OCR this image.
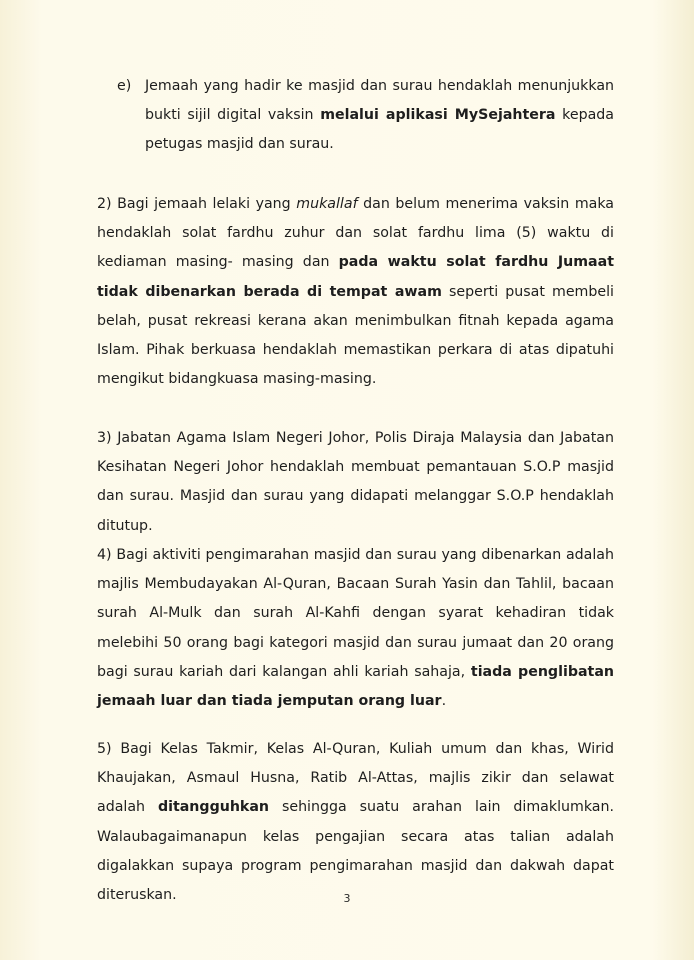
e) Jemaah yang hadir ke masjid dan surau hendaklah menunjukkan bukti sijil digital vaksin melalui aplikasi MySejahtera kepada petugas masjid dan surau.
2) Bagi jemaah lelaki yang mukallaf dan belum menerima vaksin maka hendaklah solat fardhu zuhur dan solat fardhu lima (5) waktu di kediaman masing- masing dan pada waktu solat fardhu Jumaat tidak dibenarkan berada di tempat awam seperti pusat membeli belah, pusat rekreasi kerana akan menimbulkan fitnah kepada agama Islam. Pihak berkuasa hendaklah memastikan perkara di atas dipatuhi mengikut bidangkuasa masing-masing.
3) Jabatan Agama Islam Negeri Johor, Polis Diraja Malaysia dan Jabatan Kesihatan Negeri Johor hendaklah membuat pemantauan S.O.P masjid dan surau. Masjid dan surau yang didapati melanggar S.O.P hendaklah ditutup.
4) Bagi aktiviti pengimarahan masjid dan surau yang dibenarkan adalah majlis Membudayakan Al-Quran, Bacaan Surah Yasin dan Tahlil, bacaan surah Al-Mulk dan surah Al-Kahfi dengan syarat kehadiran tidak melebihi 50 orang bagi kategori masjid dan surau jumaat dan 20 orang bagi surau kariah dari kalangan ahli kariah sahaja, tiada penglibatan jemaah luar dan tiada jemputan orang luar.
5) Bagi Kelas Takmir, Kelas Al-Quran, Kuliah umum dan khas, Wirid Khaujakan, Asmaul Husna, Ratib Al-Attas, majlis zikir dan selawat adalah ditangguhkan sehingga suatu arahan lain dimaklumkan. Walaubagaimanapun kelas pengajian secara atas talian adalah digalakkan supaya program pengimarahan masjid dan dakwah dapat diteruskan.	3
